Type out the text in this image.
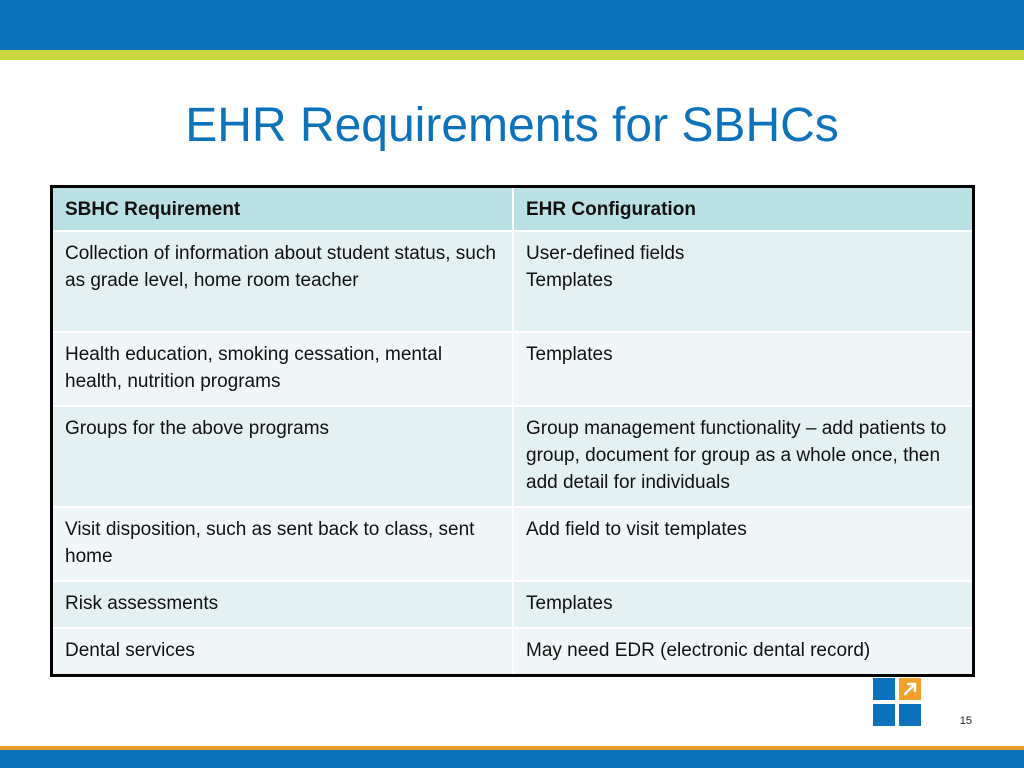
EHR Requirements for SBHCs
SBHC Requirement	EHR Configuration
Collection of information about student status, such as grade level, home room teacher	User-defined fields
Templates

Health education, smoking cessation, mental health, nutrition programs	Templates

Groups for the above programs	Group management functionality – add patients to group, document for group as a whole once, then add detail for individuals

Visit disposition, such as sent back to class, sent home	Add field to visit templates

Risk assessments	Templates

Dental services	May need EDR (electronic dental record)
15
